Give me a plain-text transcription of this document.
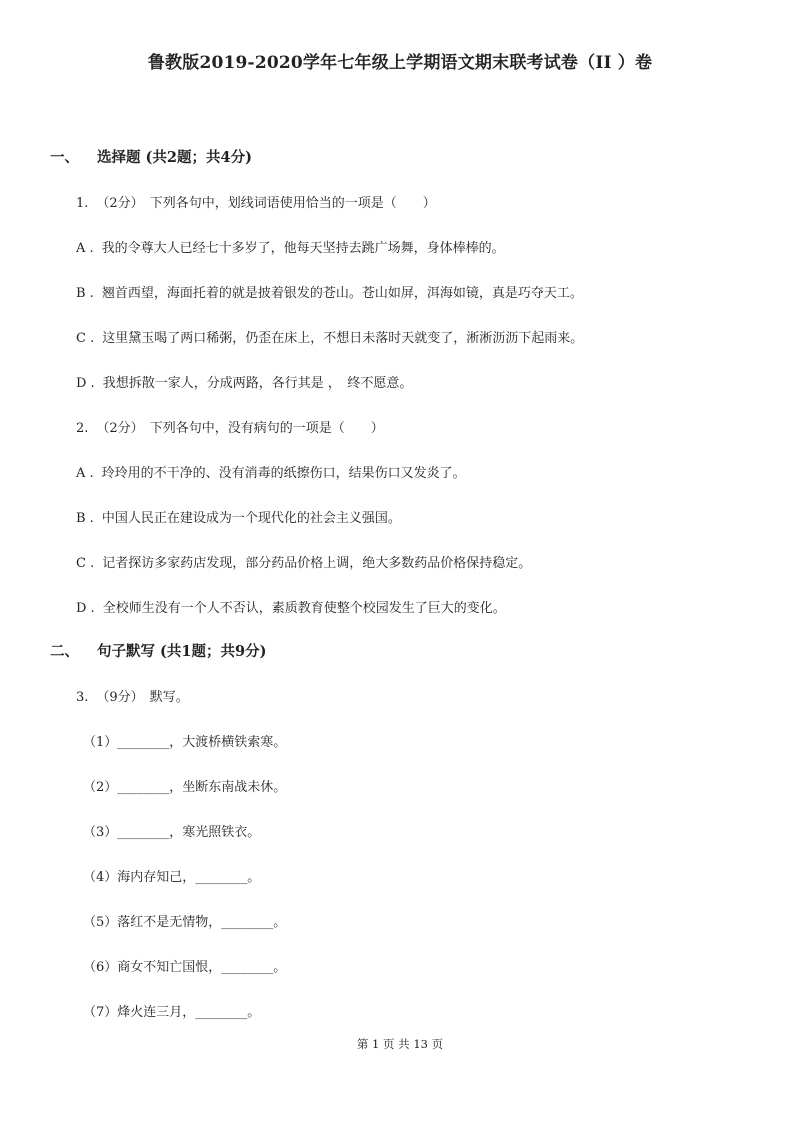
鲁教版2019-2020学年七年级上学期语文期末联考试卷（II ）卷
一、 选择题 (共2题；共4分)
1. （2分） 下列各句中，划线词语使用恰当的一项是（　　）
A . 我的令尊大人已经七十多岁了，他每天坚持去跳广场舞，身体棒棒的。
B . 翘首西望，海面托着的就是披着银发的苍山。苍山如屏，洱海如镜，真是巧夺天工。
C . 这里黛玉喝了两口稀粥，仍歪在床上，不想日未落时天就变了，淅淅沥沥下起雨来。
D . 我想拆散一家人，分成两路，各行其是 ，　终不愿意。
2. （2分） 下列各句中，没有病句的一项是（　　）
A . 玲玲用的不干净的、没有消毒的纸擦伤口，结果伤口又发炎了。
B . 中国人民正在建设成为一个现代化的社会主义强国。
C . 记者探访多家药店发现，部分药品价格上调，绝大多数药品价格保持稳定。
D . 全校师生没有一个人不否认，素质教育使整个校园发生了巨大的变化。
二、 句子默写 (共1题；共9分)
3. （9分） 默写。
（1）________，大渡桥横铁索寒。
（2）________，坐断东南战未休。
（3）________，寒光照铁衣。
（4）海内存知己，________。
（5）落红不是无情物，________。
（6）商女不知亡国恨，________。
（7）烽火连三月，________。
第 1 页 共 13 页
